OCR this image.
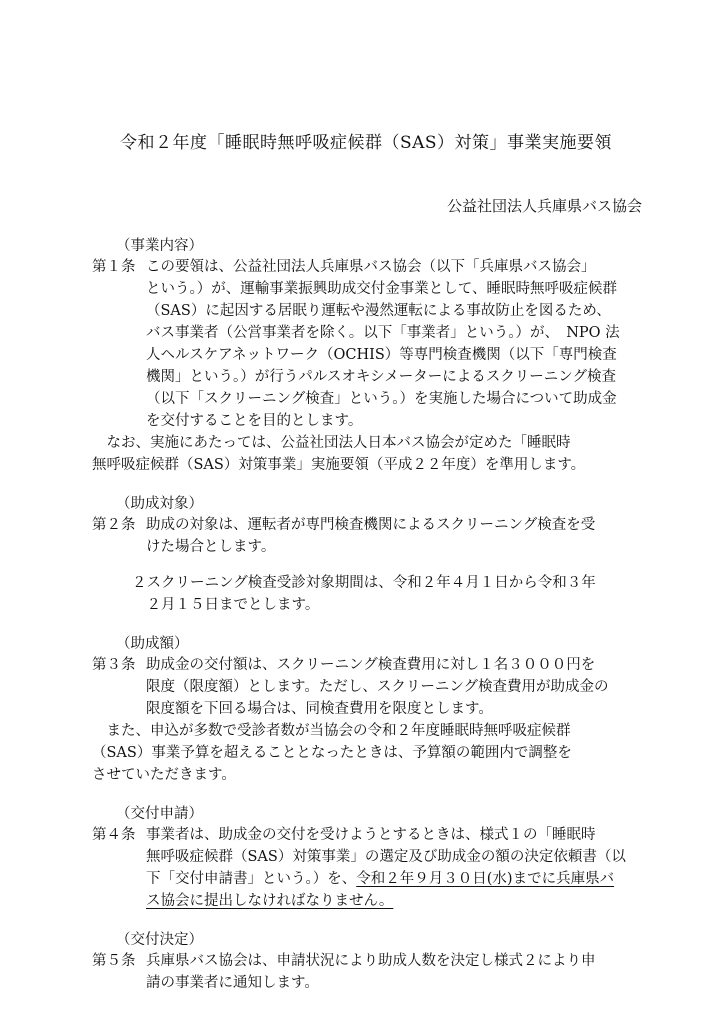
令和２年度「睡眠時無呼吸症候群（SAS）対策」事業実施要領
公益社団法人兵庫県バス協会
（事業内容）
第１条 この要領は、公益社団法人兵庫県バス協会（以下「兵庫県バス協会」
という。）が、運輸事業振興助成交付金事業として、睡眠時無呼吸症候群
（SAS）に起因する居眠り運転や漫然運転による事故防止を図るため、
バス事業者（公営事業者を除く。以下「事業者」という。）が、　NPO 法
人ヘルスケアネットワーク（OCHIS）等専門検査機関（以下「専門検査
機関」という。）が行うパルスオキシメーターによるスクリーニング検査
（以下「スクリーニング検査」という。）を実施した場合について助成金
を交付することを目的とします。
　なお、実施にあたっては、公益社団法人日本バス協会が定めた「睡眠時
無呼吸症候群（SAS）対策事業」実施要領（平成２２年度）を準用します。
（助成対象）
第２条 助成の対象は、運転者が専門検査機関によるスクリーニング検査を受
けた場合とします。
２ スクリーニング検査受診対象期間は、令和２年４月１日から令和３年
２月１５日までとします。
（助成額）
第３条 助成金の交付額は、スクリーニング検査費用に対し１名３０００円を
限度（限度額）とします。ただし、スクリーニング検査費用が助成金の
限度額を下回る場合は、同検査費用を限度とします。
　また、申込が多数で受診者数が当協会の令和２年度睡眠時無呼吸症候群
（SAS）事業予算を超えることとなったときは、予算額の範囲内で調整を
させていただきます。
（交付申請）
第４条 事業者は、助成金の交付を受けようとするときは、様式１の「睡眠時
無呼吸症候群（SAS）対策事業」の選定及び助成金の額の決定依頼書（以
下「交付申請書」という。）を、令和２年９月３０日(水)までに兵庫県バ
ス協会に提出しなければなりません。
（交付決定）
第５条 兵庫県バス協会は、申請状況により助成人数を決定し様式２により申
請の事業者に通知します。
